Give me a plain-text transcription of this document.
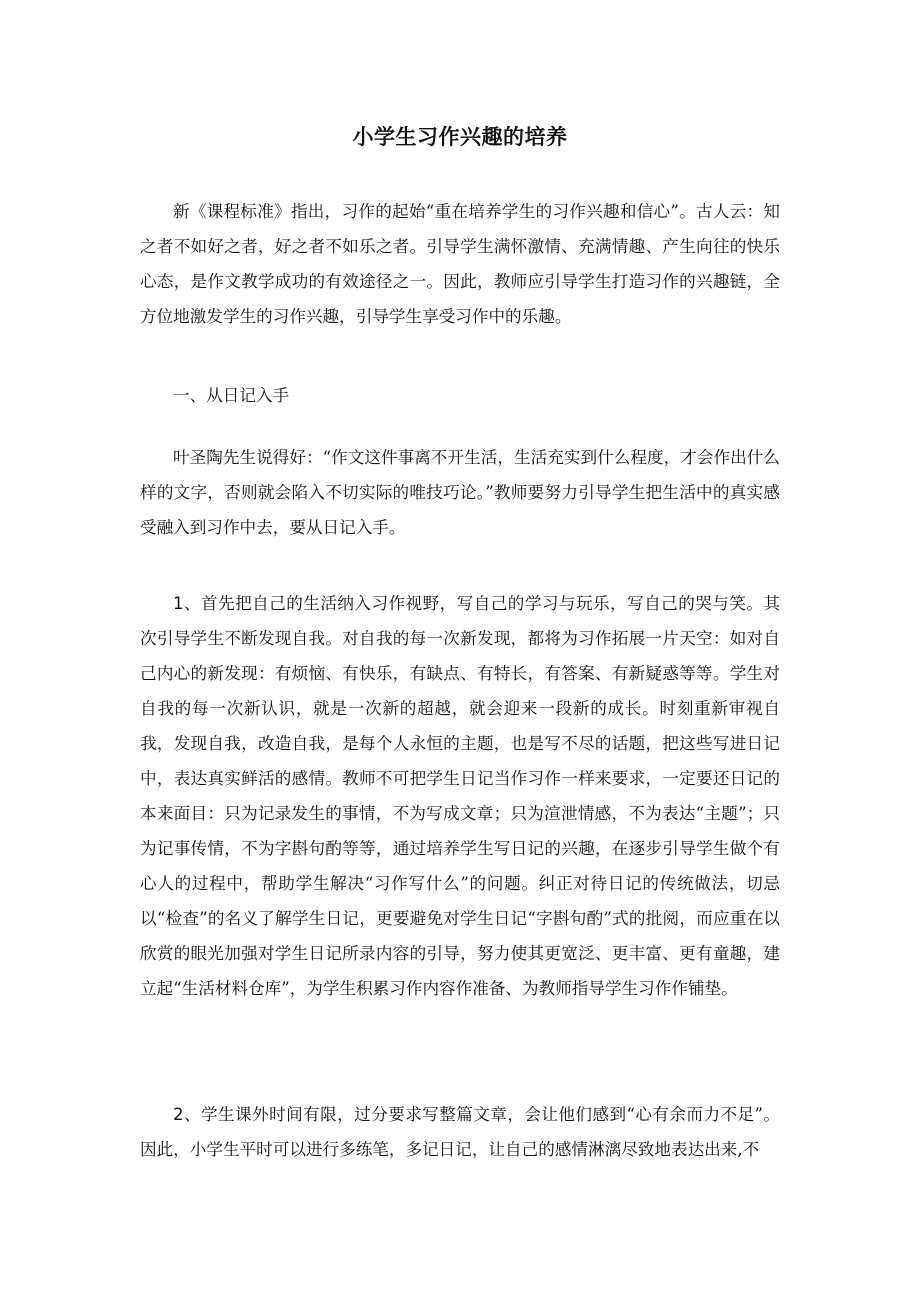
小学生习作兴趣的培养

新《课程标准》指出，习作的起始“重在培养学生的习作兴趣和信心”。古人云：知之者不如好之者，好之者不如乐之者。引导学生满怀激情、充满情趣、产生向往的快乐心态，是作文教学成功的有效途径之一。因此，教师应引导学生打造习作的兴趣链，全方位地激发学生的习作兴趣，引导学生享受习作中的乐趣。

一、从日记入手

叶圣陶先生说得好：“作文这件事离不开生活，生活充实到什么程度，才会作出什么样的文字，否则就会陷入不切实际的唯技巧论。”教师要努力引导学生把生活中的真实感受融入到习作中去，要从日记入手。

1、首先把自己的生活纳入习作视野，写自己的学习与玩乐，写自己的哭与笑。其次引导学生不断发现自我。对自我的每一次新发现，都将为习作拓展一片天空：如对自己内心的新发现：有烦恼、有快乐，有缺点、有特长，有答案、有新疑惑等等。学生对自我的每一次新认识，就是一次新的超越，就会迎来一段新的成长。时刻重新审视自我，发现自我，改造自我，是每个人永恒的主题，也是写不尽的话题，把这些写进日记中，表达真实鲜活的感情。教师不可把学生日记当作习作一样来要求，一定要还日记的本来面目：只为记录发生的事情，不为写成文章；只为渲泄情感，不为表达“主题”；只为记事传情，不为字斟句酌等等，通过培养学生写日记的兴趣，在逐步引导学生做个有心人的过程中，帮助学生解决“习作写什么”的问题。纠正对待日记的传统做法，切忌以“检查”的名义了解学生日记，更要避免对学生日记“字斟句酌”式的批阅，而应重在以欣赏的眼光加强对学生日记所录内容的引导，努力使其更宽泛、更丰富、更有童趣，建立起“生活材料仓库”，为学生积累习作内容作准备、为教师指导学生习作作铺垫。

2、学生课外时间有限，过分要求写整篇文章，会让他们感到“心有余而力不足”。因此，小学生平时可以进行多练笔，多记日记，让自己的感情淋漓尽致地表达出来,不
